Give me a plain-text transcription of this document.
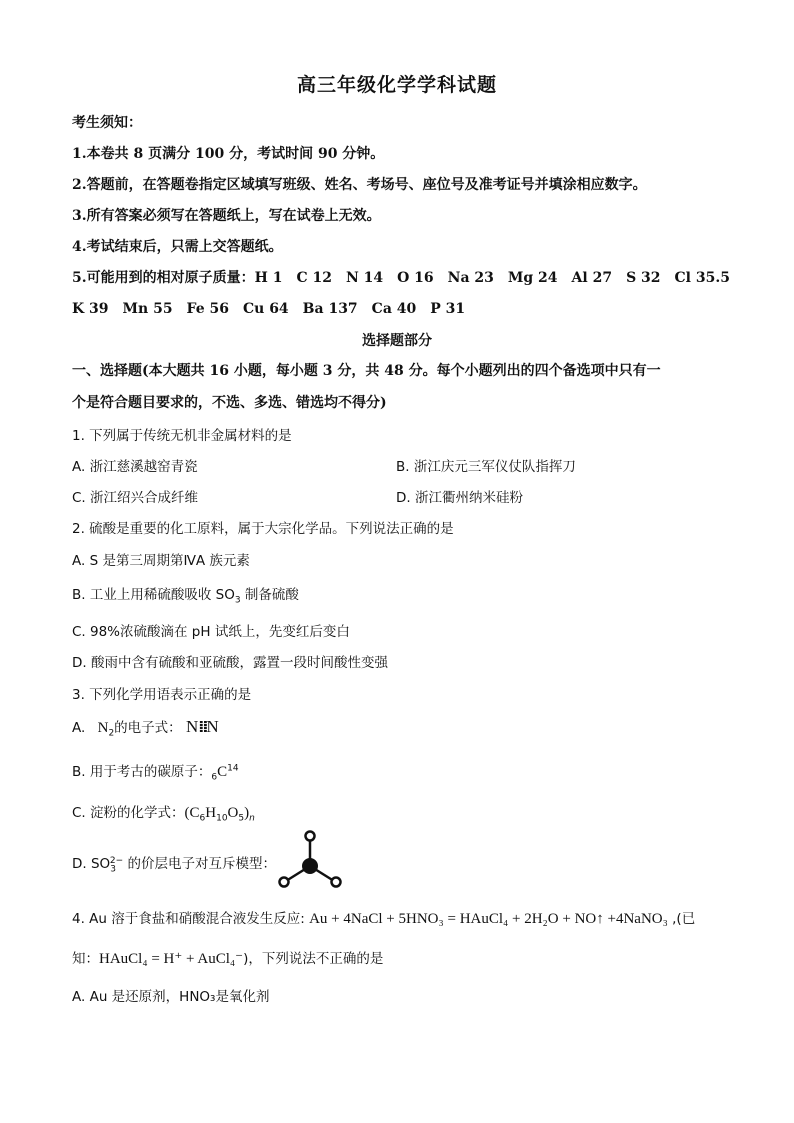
高三年级化学学科试题
考生须知：
1.本卷共 8 页满分 100 分，考试时间 90 分钟。
2.答题前，在答题卷指定区域填写班级、姓名、考场号、座位号及准考证号并填涂相应数字。
3.所有答案必须写在答题纸上，写在试卷上无效。
4.考试结束后，只需上交答题纸。
5.可能用到的相对原子质量：H 1　C 12　N 14　O 16　Na 23　Mg 24　Al 27　S 32　Cl 35.5
K 39　Mn 55　Fe 56　Cu 64　Ba 137　Ca 40　P 31
选择题部分
一、选择题(本大题共 16 小题，每小题 3 分，共 48 分。每个小题列出的四个备选项中只有一
个是符合题目要求的，不选、多选、错选均不得分)
1. 下列属于传统无机非金属材料的是
A. 浙江慈溪越窑青瓷	B. 浙江庆元三军仪仗队指挥刀
C. 浙江绍兴合成纤维	D. 浙江衢州纳米硅粉
2. 硫酸是重要的化工原料，属于大宗化学品。下列说法正确的是
A. S 是第三周期第ⅣA 族元素
B. 工业上用稀硫酸吸收 $SO_3$ 制备硫酸
C. 98%浓硫酸滴在 pH 试纸上，先变红后变白
D. 酸雨中含有硫酸和亚硫酸，露置一段时间酸性变强
3. 下列化学用语表示正确的是
A. $N_2$的电子式： N⁞⁞N
B. 用于考古的碳原子：$_6C^{14}$
C. 淀粉的化学式：$(C_6H_{10}O_5)_n$
D. $SO_3^{2-}$ 的价层电子对互斥模型：
4. Au 溶于食盐和硝酸混合液发生反应: Au + 4NaCl + 5HNO₃ = HAuCl₄ + 2H₂O + NO↑ +4NaNO₃ ,(已
知：HAuCl₄ = H⁺ + AuCl₄⁻)，下列说法不正确的是
A. Au 是还原剂，HNO₃是氧化剂
